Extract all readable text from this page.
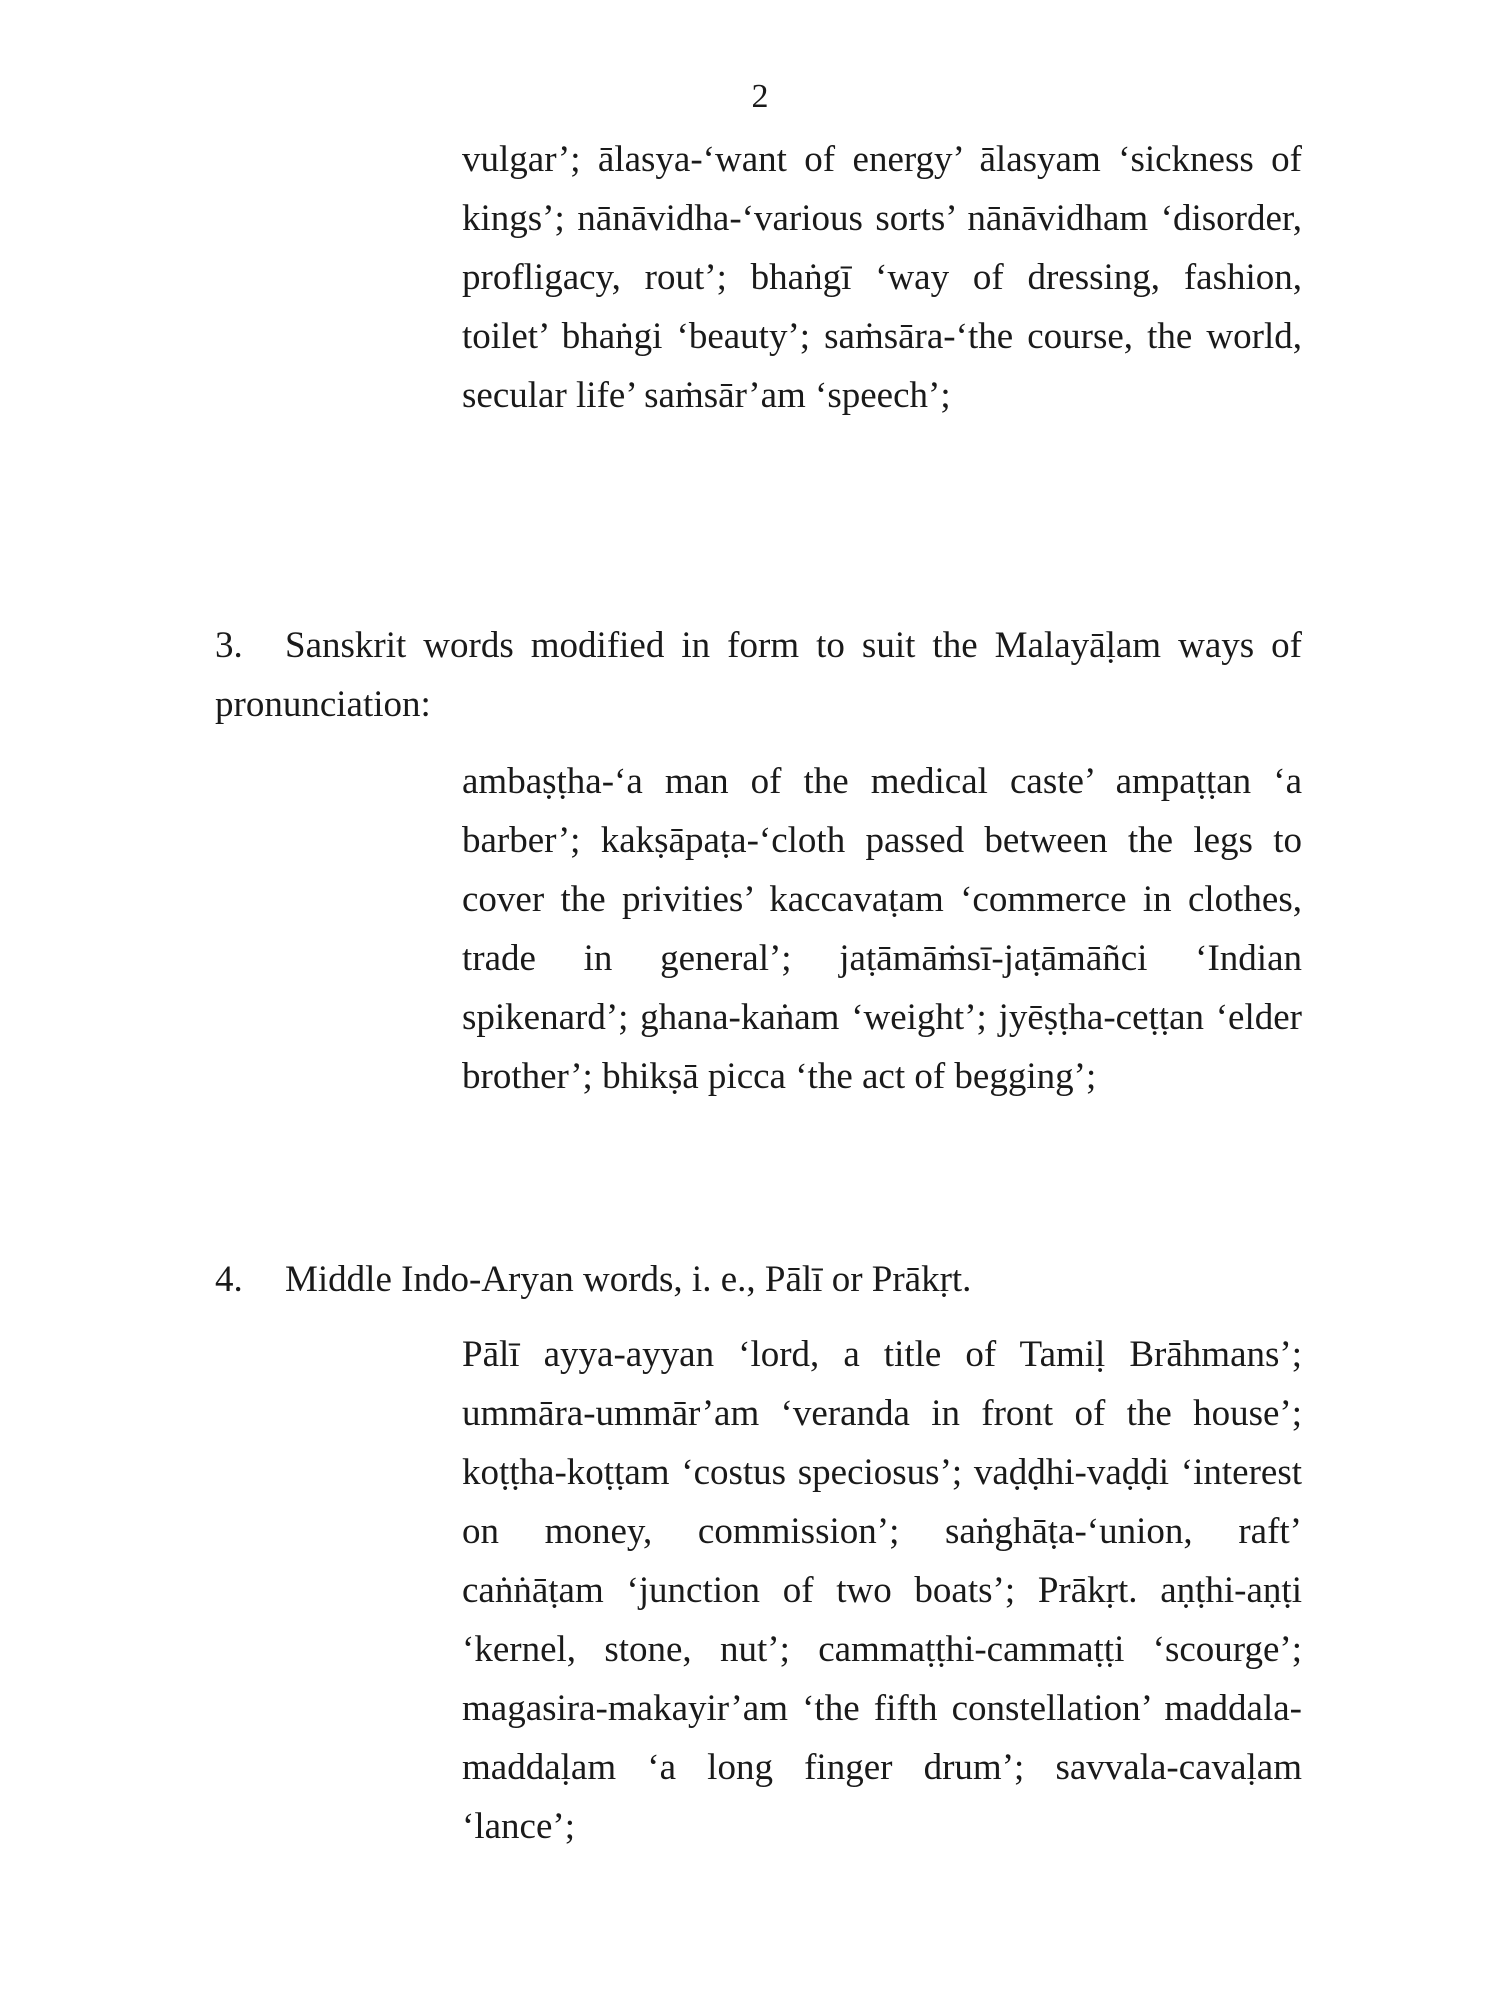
2

vulgar’; ālasya-‘want of energy’ ālasyam ‘sickness of kings’; nānāvidha-‘various sorts’ nānāvidham ‘disorder, profligacy, rout’; bhaṅgī ‘way of dressing, fashion, toilet’ bhaṅgi ‘beauty’; saṁsāra-‘the course, the world, secular life’ saṁsār’am ‘speech’;

3. Sanskrit words modified in form to suit the Malayāḷam ways of pronunciation:

ambaṣṭha-‘a man of the medical caste’ ampaṭṭan ‘a barber’; kakṣāpaṭa-‘cloth passed between the legs to cover the privities’ kaccavaṭam ‘commerce in clothes, trade in general’; jaṭāmāṁsī-jaṭāmāñci ‘Indian spikenard’; ghana-kaṅam ‘weight’; jyēṣṭha-ceṭṭan ‘elder brother’; bhikṣā picca ‘the act of begging’;

4. Middle Indo-Aryan words, i. e., Pālī or Prākṛt.

Pālī ayya-ayyan ‘lord, a title of Tamiḷ Brāhmans’; ummāra-ummār’am ‘veranda in front of the house’; koṭṭha-koṭṭam ‘costus speciosus’; vaḍḍhi-vaḍḍi ‘interest on money, commission’; saṅghāṭa-‘union, raft’ caṅṅāṭam ‘junction of two boats’; Prākṛt. aṇṭhi-aṇṭi ‘kernel, stone, nut’; cammaṭṭhi-cammaṭṭi ‘scourge’; magasira-makayir’am ‘the fifth constellation’ maddala-maddaḷam ‘a long finger drum’; savvala-cavaḷam ‘lance’;
